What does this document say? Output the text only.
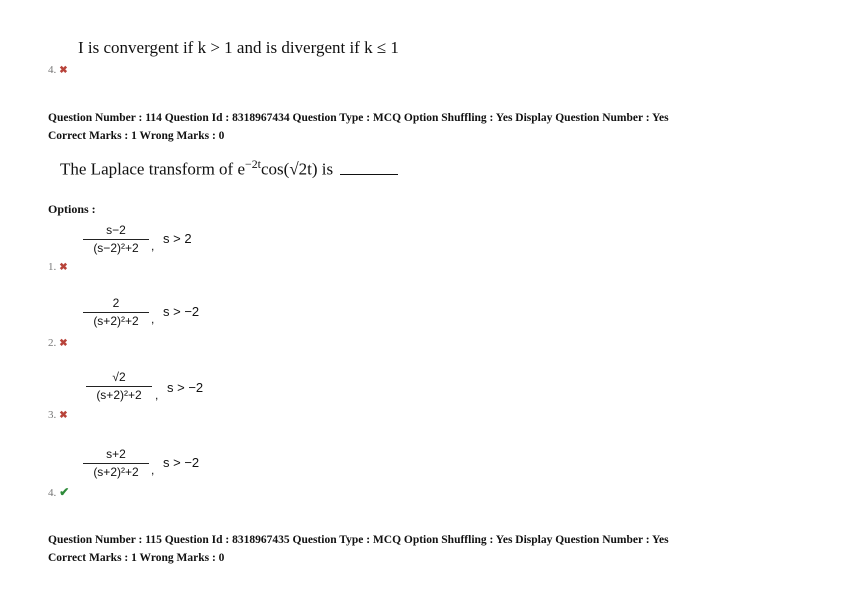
I is convergent if k > 1 and is divergent if k ≤ 1
4. ✖
Question Number : 114 Question Id : 8318967434 Question Type : MCQ Option Shuffling : Yes Display Question Number : Yes
Correct Marks : 1 Wrong Marks : 0
The Laplace transform of $e^{-2t}\cos(√2t)$ is
Options :
s−2
(s−2)²+2	, s > 2
1. ✖
2
(s+2)²+2	, s > −2
2. ✖
√2
(s+2)²+2	, s > −2
3. ✖
s+2
(s+2)²+2	, s > −2
4. ✔
Question Number : 115 Question Id : 8318967435 Question Type : MCQ Option Shuffling : Yes Display Question Number : Yes
Correct Marks : 1 Wrong Marks : 0
